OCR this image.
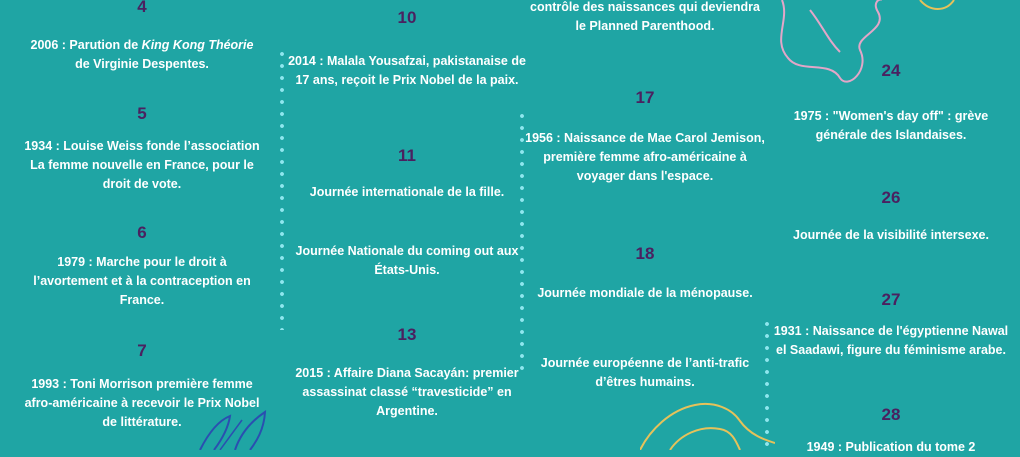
4
2006 : Parution de King Kong Théorie de Virginie Despentes.
5
1934 : Louise Weiss fonde l’association La femme nouvelle en France, pour le droit de vote.
6
1979 : Marche pour le droit à l’avortement et à la contraception en France.
7
1993 : Toni Morrison première femme afro-américaine à recevoir le Prix Nobel de littérature.
10
2014 : Malala Yousafzai, pakistanaise de 17 ans, reçoit le Prix Nobel de la paix.
11
Journée internationale de la fille.
Journée Nationale du coming out aux États-Unis.
13
2015 : Affaire Diana Sacayán: premier assassinat classé “travesticide” en Argentine.
contrôle des naissances qui deviendra le Planned Parenthood.
17
1956 : Naissance de Mae Carol Jemison, première femme afro-américaine à voyager dans l'espace.
18
Journée mondiale de la ménopause.
Journée européenne de l’anti-trafic d’êtres humains.
24
1975 : "Women's day off" : grève générale des Islandaises.
26
Journée de la visibilité intersexe.
27
1931 : Naissance de l'égyptienne Nawal el Saadawi, figure du féminisme arabe.
28
1949 : Publication du tome 2
